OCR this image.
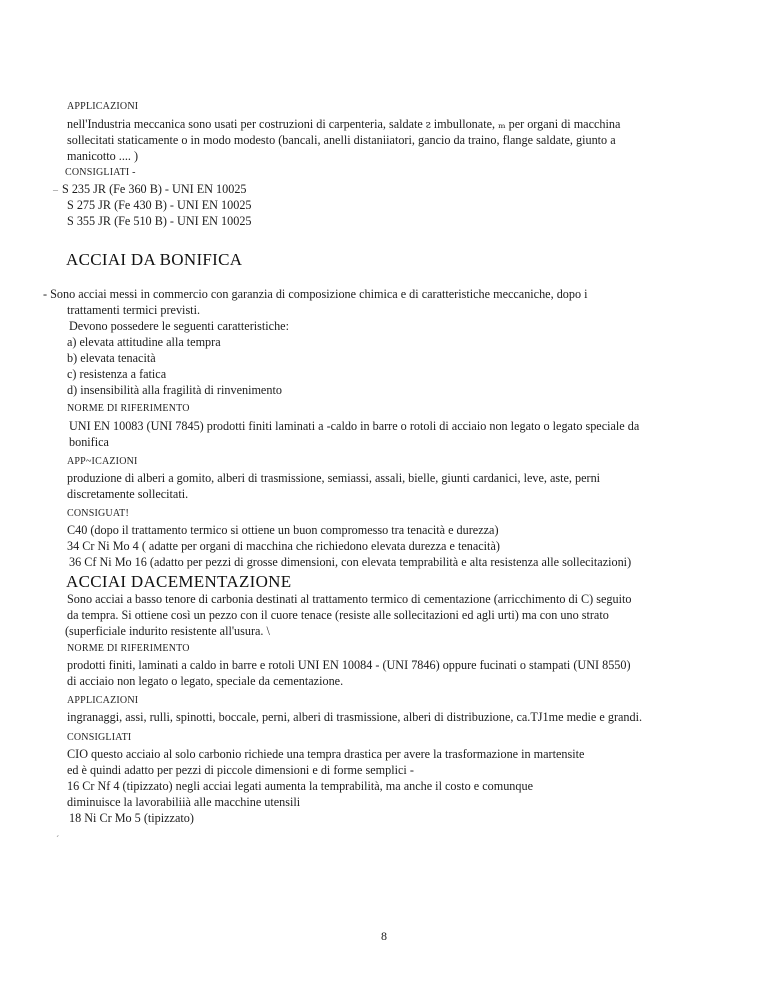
APPLICAZIONI
nell'Industria meccanica sono usati per costruzioni di carpenteria, saldate ᴤ imbullonate, ₘ per organi di macchina
sollecitati staticamente o in modo modesto (bancali, anelli distaniiatori, gancio da traino, flange saldate, giunto a
manicotto .... )
CONSIGLIATI -
_ S 235 JR (Fe 360 B) - UNI EN 10025
S 275 JR (Fe 430 B) - UNI EN 10025
S 355 JR (Fe 510 B) - UNI EN 10025
ACCIAI DA BONIFICA
- Sono acciai messi in commercio con garanzia di composizione chimica e di caratteristiche meccaniche, dopo i
trattamenti termici previsti.
Devono possedere le seguenti caratteristiche:
a) elevata attitudine alla tempra
b) elevata tenacità
c) resistenza a fatica
d) insensibilità alla fragilità di rinvenimento
NORME DI RIFERIMENTO
UNI EN 10083 (UNI 7845) prodotti finiti laminati a -caldo in barre o rotoli di acciaio non legato o legato speciale da
bonifica
APP~ICAZIONI
produzione di alberi a gomito, alberi di trasmissione, semiassi, assali, bielle, giunti cardanici, leve, aste, perni
discretamente sollecitati.
CONSIGUAT!
C40 (dopo il trattamento termico si ottiene un buon compromesso tra tenacità e durezza)
34 Cr Ni Mo 4 ( adatte per organi di macchina che richiedono elevata durezza e tenacità)
36 Cf Ni Mo 16 (adatto per pezzi di grosse dimensioni, con elevata temprabilità e alta resistenza alle sollecitazioni)
ACCIAI DACEMENTAZIONE
Sono acciai a basso tenore di carbonia destinati al trattamento termico di cementazione (arricchimento di C) seguito
da tempra. Si ottiene così un pezzo con il cuore tenace (resiste alle sollecitazioni ed agli urti) ma con uno strato
(superficiale indurito resistente all'usura. \
NORME DI RIFERIMENTO
prodotti finiti, laminati a caldo in barre e rotoli UNI EN 10084 - (UNI 7846) oppure fucinati o stampati (UNI 8550)
di acciaio non legato o legato, speciale da cementazione.
APPLICAZIONI
ingranaggi, assi, rulli, spinotti, boccale, perni, alberi di trasmissione, alberi di distribuzione, ca.TJ1me medie e grandi.
CONSIGLIATI
CIO questo acciaio al solo carbonio richiede una tempra drastica per avere la trasformazione in martensite
ed è quindi adatto per pezzi di piccole dimensioni e di forme semplici -
16 Cr Nf 4 (tipizzato) negli acciai legati aumenta la temprabilità, ma anche il costo e comunque
diminuisce la lavorabiliià alle macchine utensili
18 Ni Cr Mo 5 (tipizzato)
´
8
